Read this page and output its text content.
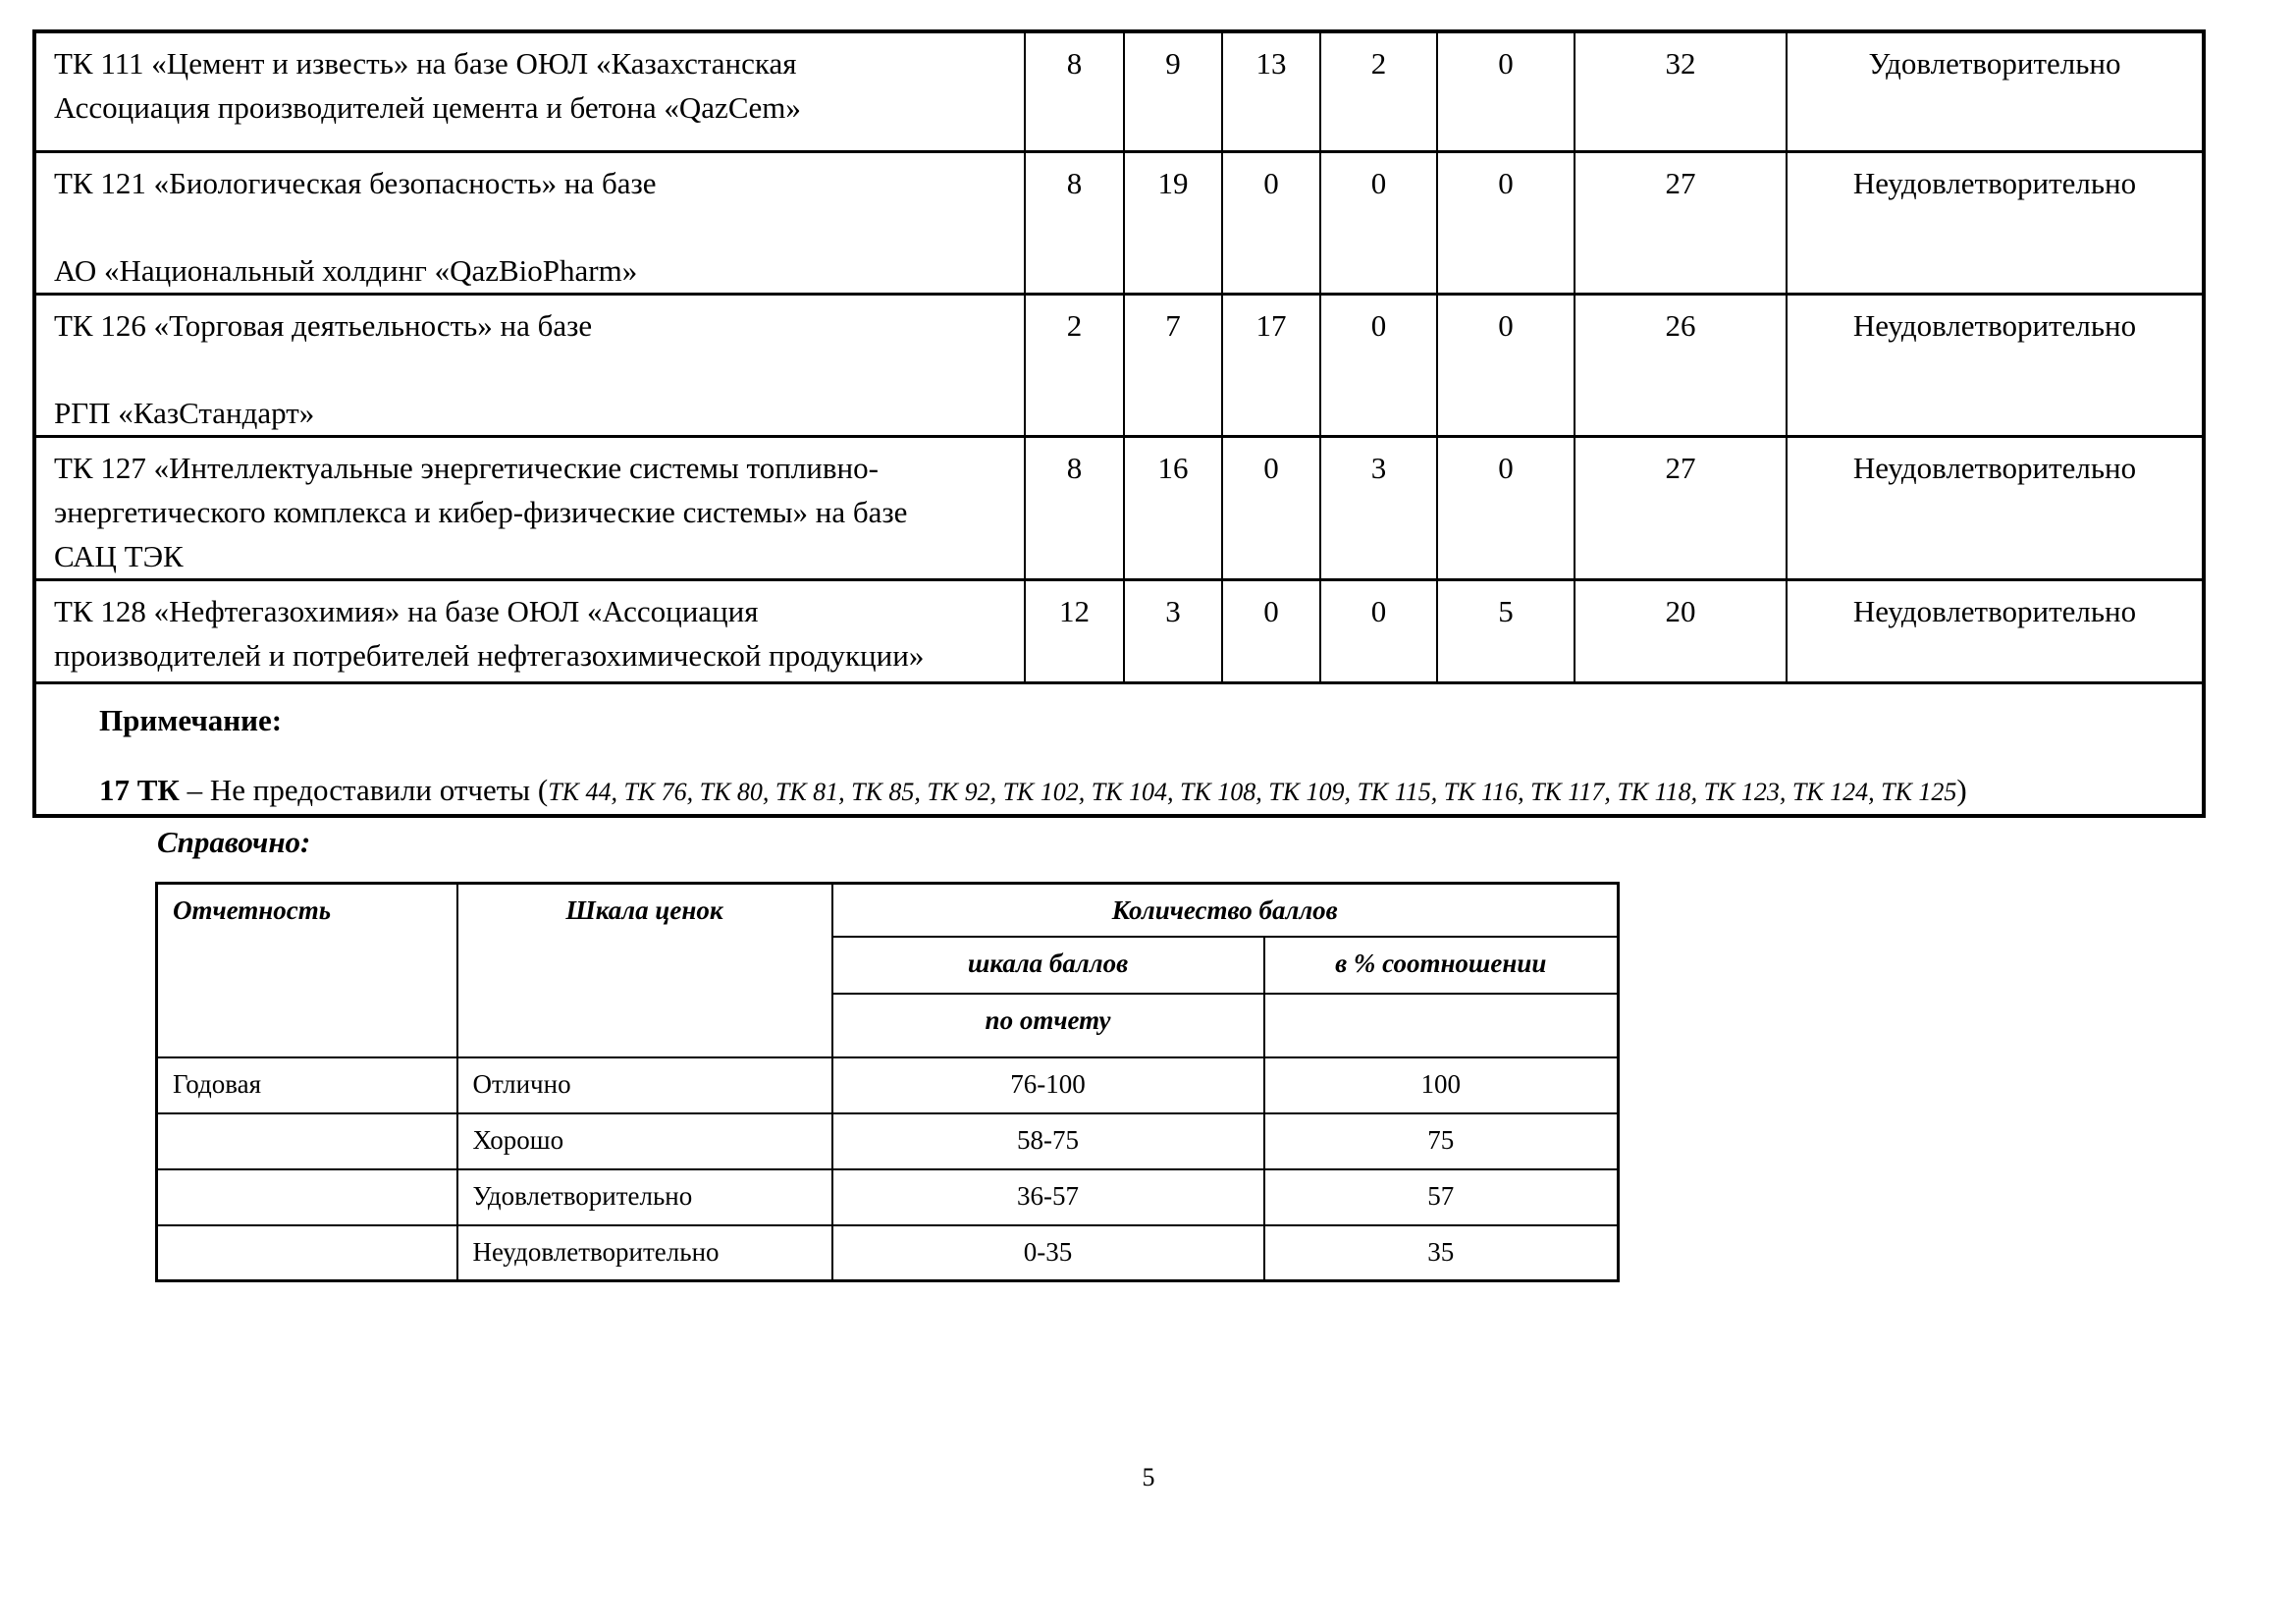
ТК 111 «Цемент и известь» на базе ОЮЛ «Казахстанская
Ассоциация производителей цемента и бетона «QazCem»	8	9	13	2	0	32	Удовлетворительно

ТК 121 «Биологическая безопасность» на базе
АО «Национальный холдинг «QazBioPharm»	8	19	0	0	0	27	Неудовлетворительно

ТК 126 «Торговая деятьельность» на базе
РГП «КазСтандарт»	2	7	17	0	0	26	Неудовлетворительно

ТК 127 «Интеллектуальные энергетические системы топливно-
энергетического комплекса и кибер-физические системы» на базе
САЦ ТЭК	8	16	0	3	0	27	Неудовлетворительно

ТК 128 «Нефтегазохимия» на базе ОЮЛ «Ассоциация
производителей и потребителей нефтегазохимической продукции»	12	3	0	0	5	20	Неудовлетворительно

Примечание:
17 ТК – Не предоставили отчеты (ТК 44, ТК 76, ТК 80, ТК 81, ТК 85, ТК 92, ТК 102, ТК 104, ТК 108, ТК 109, ТК 115, ТК 116, ТК 117, ТК 118, ТК 123, ТК 124, ТК 125)							
Справочно:
Отчетность	Шкала ценок	Количество баллов	
		шкала баллов	в % соотношении
		по отчету	
Годовая	Отлично	76-100	100
	Хорошо	58-75	75
	Удовлетворительно	36-57	57
	Неудовлетворительно	0-35	35
5
